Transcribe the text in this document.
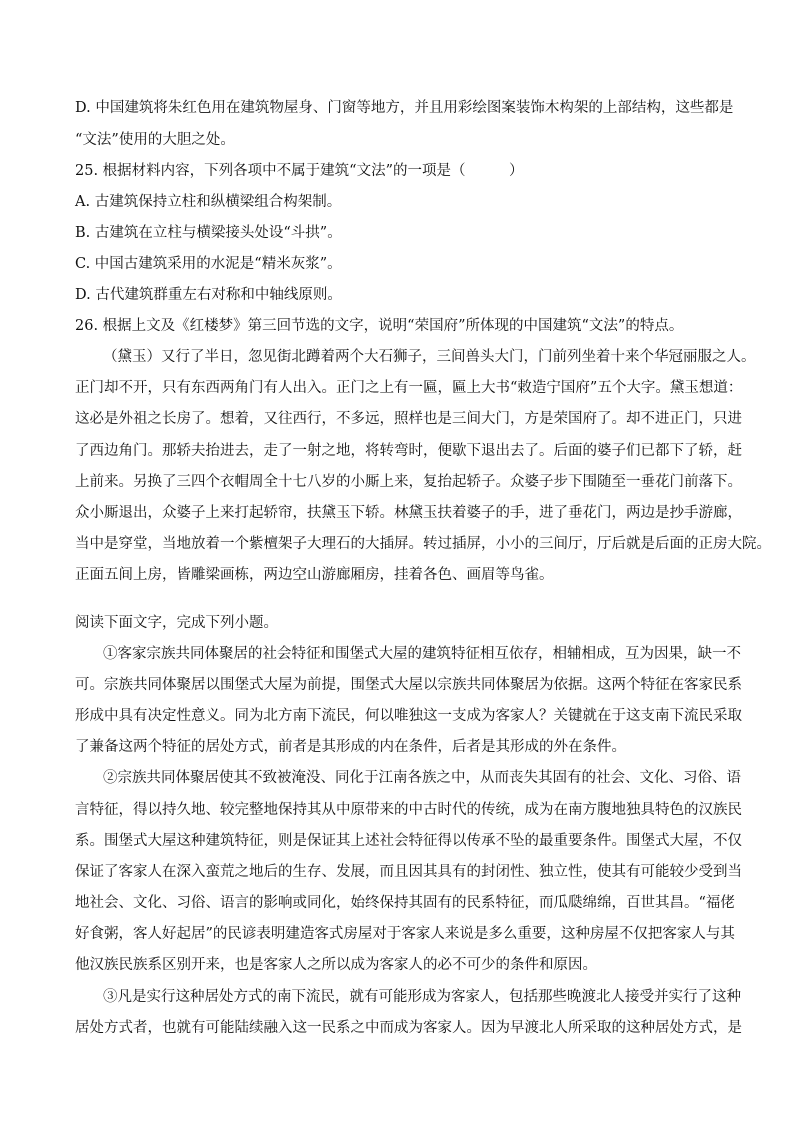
D. 中国建筑将朱红色用在建筑物屋身、门窗等地方，并且用彩绘图案装饰木构架的上部结构，这些都是
“文法”使用的大胆之处。
25. 根据材料内容，下列各项中不属于建筑“文法”的一项是（　　　）
A. 古建筑保持立柱和纵横梁组合构架制。
B. 古建筑在立柱与横梁接头处设“斗拱”。
C. 中国古建筑采用的水泥是“精米灰浆”。
D. 古代建筑群重左右对称和中轴线原则。
26. 根据上文及《红楼梦》第三回节选的文字，说明“荣国府”所体现的中国建筑“文法”的特点。
（黛玉）又行了半日，忽见街北蹲着两个大石狮子，三间兽头大门，门前列坐着十来个华冠丽服之人。
正门却不开，只有东西两角门有人出入。正门之上有一匾，匾上大书“敕造宁国府”五个大字。黛玉想道：
这必是外祖之长房了。想着，又往西行，不多远，照样也是三间大门，方是荣国府了。却不进正门，只进
了西边角门。那轿夫抬进去，走了一射之地，将转弯时，便歇下退出去了。后面的婆子们已都下了轿，赶
上前来。另换了三四个衣帽周全十七八岁的小厮上来，复抬起轿子。众婆子步下围随至一垂花门前落下。
众小厮退出，众婆子上来打起轿帘，扶黛玉下轿。林黛玉扶着婆子的手，进了垂花门，两边是抄手游廊，
当中是穿堂，当地放着一个紫檀架子大理石的大插屏。转过插屏，小小的三间厅，厅后就是后面的正房大院。
正面五间上房，皆雕梁画栋，两边空山游廊厢房，挂着各色、画眉等鸟雀。
阅读下面文字，完成下列小题。
①客家宗族共同体聚居的社会特征和围堡式大屋的建筑特征相互依存，相辅相成，互为因果，缺一不
可。宗族共同体聚居以围堡式大屋为前提，围堡式大屋以宗族共同体聚居为依据。这两个特征在客家民系
形成中具有决定性意义。同为北方南下流民，何以唯独这一支成为客家人？关键就在于这支南下流民采取
了兼备这两个特征的居处方式，前者是其形成的内在条件，后者是其形成的外在条件。
②宗族共同体聚居使其不致被淹没、同化于江南各族之中，从而丧失其固有的社会、文化、习俗、语
言特征，得以持久地、较完整地保持其从中原带来的中古时代的传统，成为在南方腹地独具特色的汉族民
系。围堡式大屋这种建筑特征，则是保证其上述社会特征得以传承不坠的最重要条件。围堡式大屋，不仅
保证了客家人在深入蛮荒之地后的生存、发展，而且因其具有的封闭性、独立性，使其有可能较少受到当
地社会、文化、习俗、语言的影响或同化，始终保持其固有的民系特征，而瓜瓞绵绵，百世其昌。“福佬
好食粥，客人好起居”的民谚表明建造客式房屋对于客家人来说是多么重要，这种房屋不仅把客家人与其
他汉族民族系区别开来，也是客家人之所以成为客家人的必不可少的条件和原因。
③凡是实行这种居处方式的南下流民，就有可能形成为客家人，包括那些晚渡北人接受并实行了这种
居处方式者，也就有可能陆续融入这一民系之中而成为客家人。因为早渡北人所采取的这种居处方式，是
